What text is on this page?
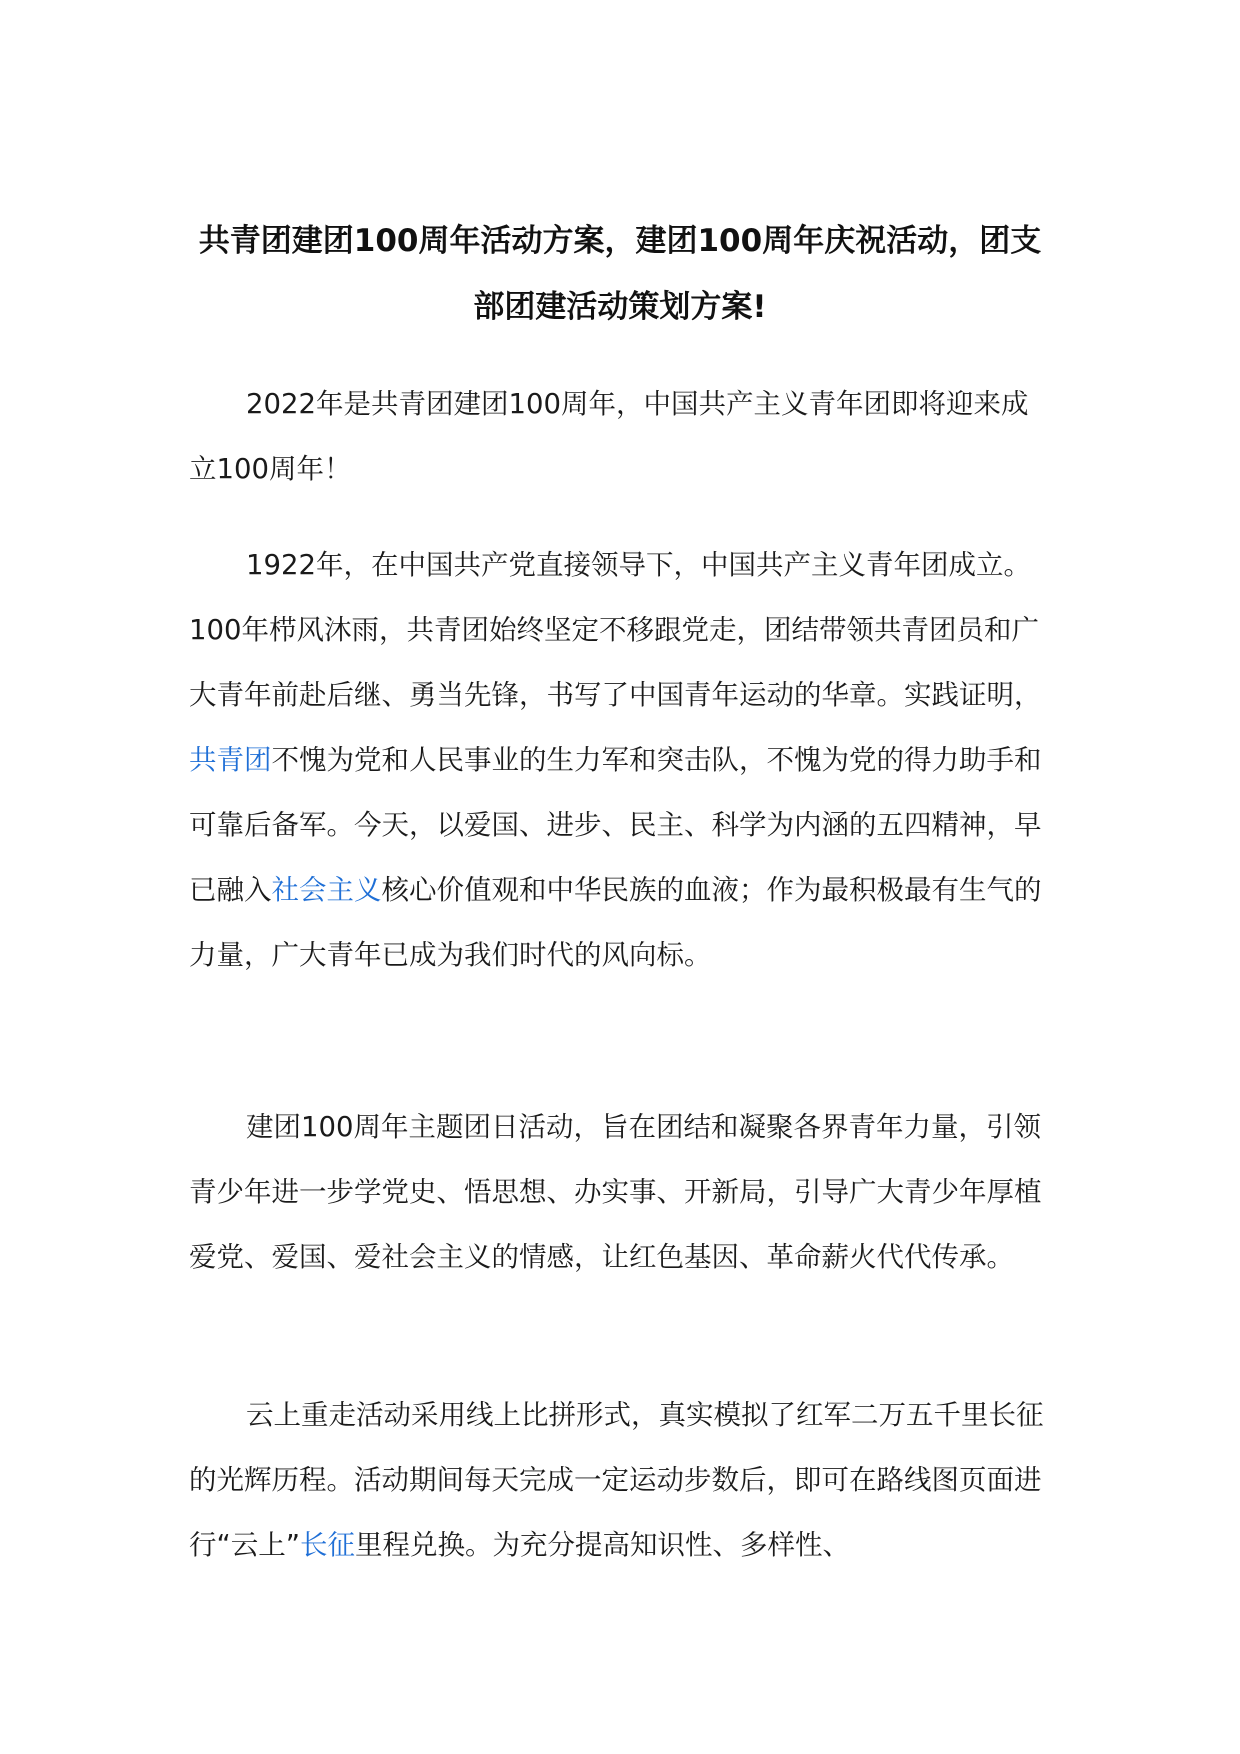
共青团建团100周年活动方案，建团100周年庆祝活动，团支部团建活动策划方案!

2022年是共青团建团100周年，中国共产主义青年团即将迎来成立100周年！

1922年，在中国共产党直接领导下，中国共产主义青年团成立。100年栉风沐雨，共青团始终坚定不移跟党走，团结带领共青团员和广大青年前赴后继、勇当先锋，书写了中国青年运动的华章。实践证明，共青团不愧为党和人民事业的生力军和突击队，不愧为党的得力助手和可靠后备军。今天，以爱国、进步、民主、科学为内涵的五四精神，早已融入社会主义核心价值观和中华民族的血液；作为最积极最有生气的力量，广大青年已成为我们时代的风向标。

建团100周年主题团日活动，旨在团结和凝聚各界青年力量，引领青少年进一步学党史、悟思想、办实事、开新局，引导广大青少年厚植爱党、爱国、爱社会主义的情感，让红色基因、革命薪火代代传承。

云上重走活动采用线上比拼形式，真实模拟了红军二万五千里长征的光辉历程。活动期间每天完成一定运动步数后，即可在路线图页面进行“云上”长征里程兑换。为充分提高知识性、多样性、
